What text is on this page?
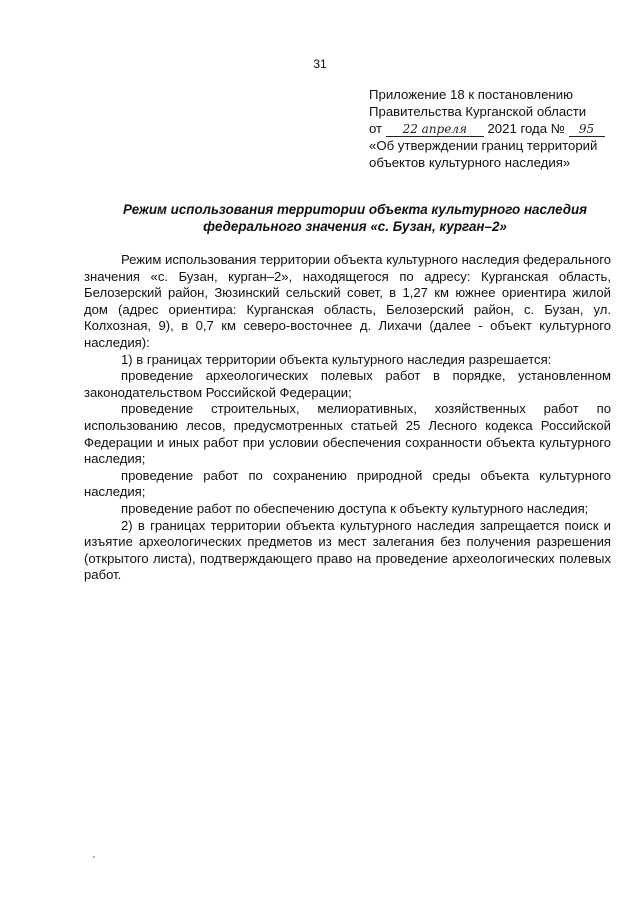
31
Приложение 18 к постановлению
Правительства Курганской области
от 22 апреля 2021 года № 95
«Об утверждении границ территорий
объектов культурного наследия»
Режим использования территории объекта культурного наследия
федерального значения «с. Бузан, курган–2»

Режим использования территории объекта культурного наследия федерального значения «с. Бузан, курган–2», находящегося по адресу: Курганская область, Белозерский район, Зюзинский сельский совет, в 1,27 км южнее ориентира жилой дом (адрес ориентира: Курганская область, Белозерский район, с. Бузан, ул. Колхозная, 9), в 0,7 км северо-восточнее д. Лихачи (далее - объект культурного наследия):

1) в границах территории объекта культурного наследия разрешается:

проведение археологических полевых работ в порядке, установленном законодательством Российской Федерации;

проведение строительных, мелиоративных, хозяйственных работ по использованию лесов, предусмотренных статьей 25 Лесного кодекса Российской Федерации и иных работ при условии обеспечения сохранности объекта культурного наследия;

проведение работ по сохранению природной среды объекта культурного наследия;

проведение работ по обеспечению доступа к объекту культурного наследия;

2) в границах территории объекта культурного наследия запрещается поиск и изъятие археологических предметов из мест залегания без получения разрешения (открытого листа), подтверждающего право на проведение археологических полевых работ.
